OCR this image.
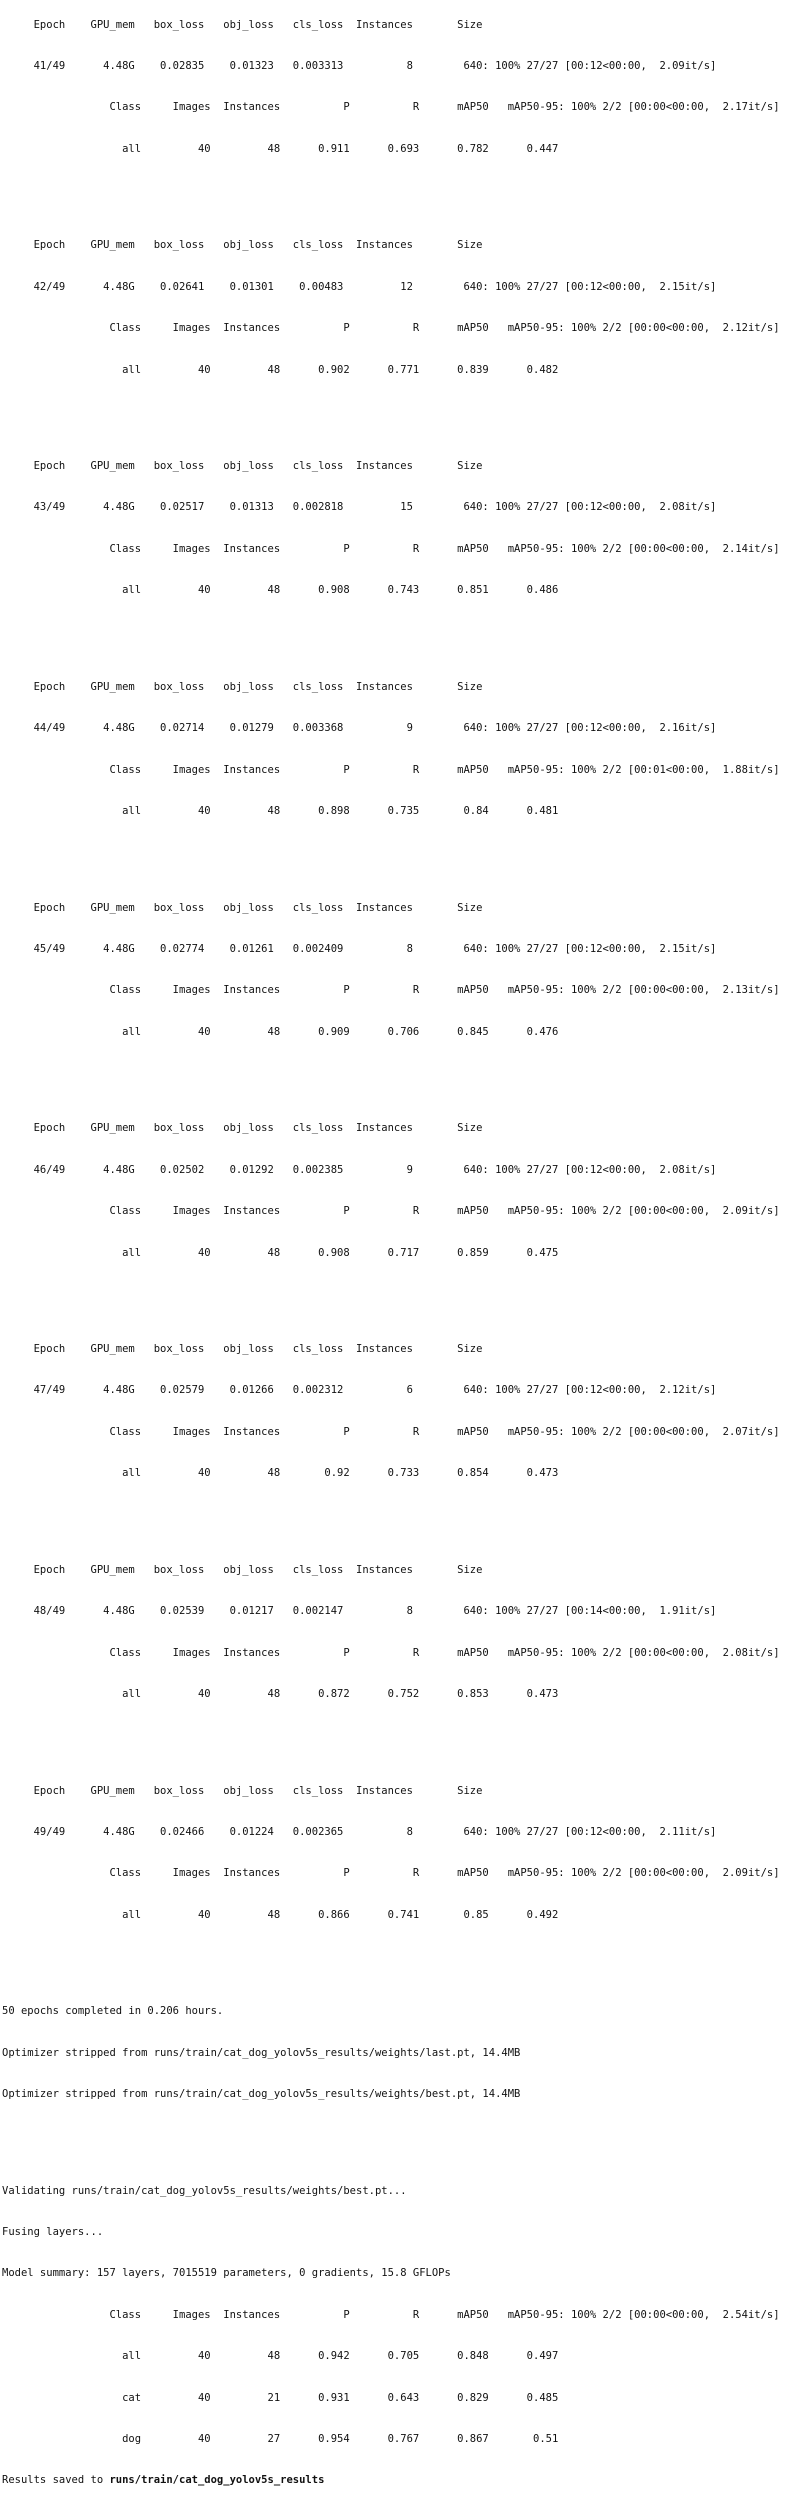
Epoch    GPU_mem   box_loss   obj_loss   cls_loss  Instances       Size

41/49      4.48G    0.02835    0.01323   0.003313          8        640: 100% 27/27 [00:12<00:00,  2.09it/s]

Class     Images  Instances          P          R      mAP50   mAP50-95: 100% 2/2 [00:00<00:00,  2.17it/s]

all         40         48      0.911      0.693      0.782      0.447

Epoch    GPU_mem   box_loss   obj_loss   cls_loss  Instances       Size

42/49      4.48G    0.02641    0.01301    0.00483         12        640: 100% 27/27 [00:12<00:00,  2.15it/s]

Class     Images  Instances          P          R      mAP50   mAP50-95: 100% 2/2 [00:00<00:00,  2.12it/s]

all         40         48      0.902      0.771      0.839      0.482

Epoch    GPU_mem   box_loss   obj_loss   cls_loss  Instances       Size

43/49      4.48G    0.02517    0.01313   0.002818         15        640: 100% 27/27 [00:12<00:00,  2.08it/s]

Class     Images  Instances          P          R      mAP50   mAP50-95: 100% 2/2 [00:00<00:00,  2.14it/s]

all         40         48      0.908      0.743      0.851      0.486

Epoch    GPU_mem   box_loss   obj_loss   cls_loss  Instances       Size

44/49      4.48G    0.02714    0.01279   0.003368          9        640: 100% 27/27 [00:12<00:00,  2.16it/s]

Class     Images  Instances          P          R      mAP50   mAP50-95: 100% 2/2 [00:01<00:00,  1.88it/s]

all         40         48      0.898      0.735       0.84      0.481

Epoch    GPU_mem   box_loss   obj_loss   cls_loss  Instances       Size

45/49      4.48G    0.02774    0.01261   0.002409          8        640: 100% 27/27 [00:12<00:00,  2.15it/s]

Class     Images  Instances          P          R      mAP50   mAP50-95: 100% 2/2 [00:00<00:00,  2.13it/s]

all         40         48      0.909      0.706      0.845      0.476

Epoch    GPU_mem   box_loss   obj_loss   cls_loss  Instances       Size

46/49      4.48G    0.02502    0.01292   0.002385          9        640: 100% 27/27 [00:12<00:00,  2.08it/s]

Class     Images  Instances          P          R      mAP50   mAP50-95: 100% 2/2 [00:00<00:00,  2.09it/s]

all         40         48      0.908      0.717      0.859      0.475

Epoch    GPU_mem   box_loss   obj_loss   cls_loss  Instances       Size

47/49      4.48G    0.02579    0.01266   0.002312          6        640: 100% 27/27 [00:12<00:00,  2.12it/s]

Class     Images  Instances          P          R      mAP50   mAP50-95: 100% 2/2 [00:00<00:00,  2.07it/s]

all         40         48       0.92      0.733      0.854      0.473

Epoch    GPU_mem   box_loss   obj_loss   cls_loss  Instances       Size

48/49      4.48G    0.02539    0.01217   0.002147          8        640: 100% 27/27 [00:14<00:00,  1.91it/s]

Class     Images  Instances          P          R      mAP50   mAP50-95: 100% 2/2 [00:00<00:00,  2.08it/s]

all         40         48      0.872      0.752      0.853      0.473

Epoch    GPU_mem   box_loss   obj_loss   cls_loss  Instances       Size

49/49      4.48G    0.02466    0.01224   0.002365          8        640: 100% 27/27 [00:12<00:00,  2.11it/s]

Class     Images  Instances          P          R      mAP50   mAP50-95: 100% 2/2 [00:00<00:00,  2.09it/s]

all         40         48      0.866      0.741       0.85      0.492

50 epochs completed in 0.206 hours.

Optimizer stripped from runs/train/cat_dog_yolov5s_results/weights/last.pt, 14.4MB

Optimizer stripped from runs/train/cat_dog_yolov5s_results/weights/best.pt, 14.4MB

Validating runs/train/cat_dog_yolov5s_results/weights/best.pt...

Fusing layers...

Model summary: 157 layers, 7015519 parameters, 0 gradients, 15.8 GFLOPs

Class     Images  Instances          P          R      mAP50   mAP50-95: 100% 2/2 [00:00<00:00,  2.54it/s]

all         40         48      0.942      0.705      0.848      0.497

cat         40         21      0.931      0.643      0.829      0.485

dog         40         27      0.954      0.767      0.867       0.51

Results saved to runs/train/cat_dog_yolov5s_results
